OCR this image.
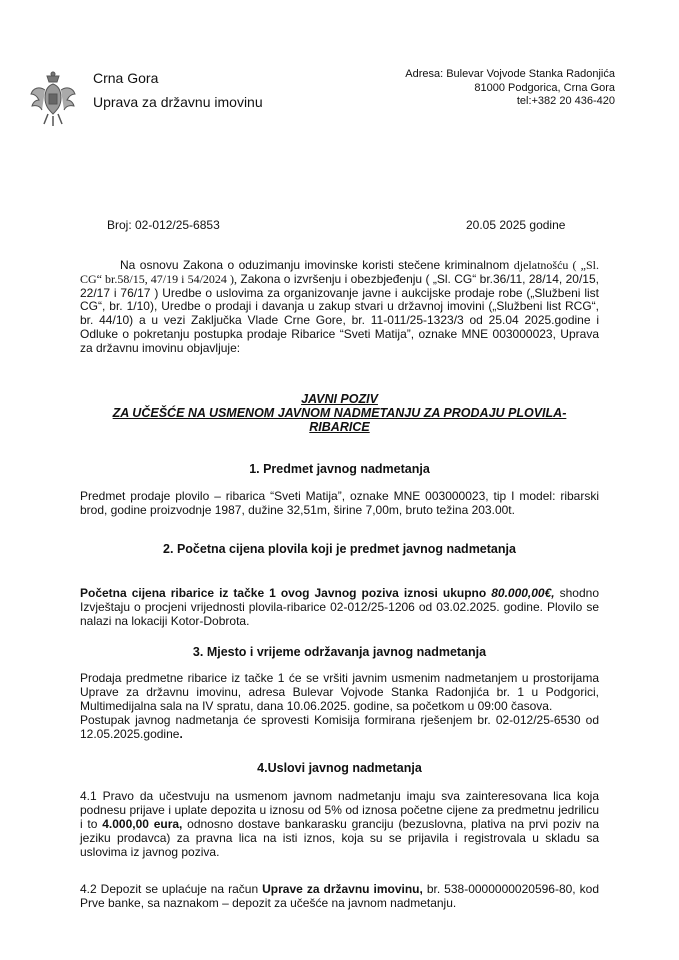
Crna Gora
Uprava za državnu imovinu
Adresa: Bulevar Vojvode Stanka Radonjića
81000 Podgorica, Crna Gora
tel:+382 20 436-420
Broj: 02-012/25-6853	20.05 2025 godine
Na osnovu Zakona o oduzimanju imovinske koristi stečene kriminalnom djelatnošću ( „Sl. CG“ br.58/15, 47/19 i 54/2024 ), Zakona o izvršenju i obezbjeđenju ( „Sl. CG“ br.36/11, 28/14, 20/15, 22/17 i 76/17 ) Uredbe o uslovima za organizovanje javne i aukcijske prodaje robe („Službeni list CG“, br. 1/10), Uredbe o prodaji i davanja u zakup stvari u državnoj imovini („Službeni list RCG“, br. 44/10) a u vezi Zaključka Vlade Crne Gore, br. 11-011/25-1323/3 od 25.04 2025.godine i Odluke o pokretanju postupka prodaje Ribarice “Sveti Matija”, oznake MNE 003000023, Uprava za državnu imovinu objavljuje:
JAVNI POZIV
ZA UČEŠĆE NA USMENOM JAVNOM NADMETANJU ZA PRODAJU PLOVILA-
RIBARICE
1. Predmet javnog nadmetanja
Predmet prodaje plovilo – ribarica “Sveti Matija”, oznake MNE 003000023, tip I model: ribarski brod, godine proizvodnje 1987, dužine 32,51m, širine 7,00m, bruto težina 203.00t.
2. Početna cijena plovila koji je predmet javnog nadmetanja
Početna cijena ribarice iz tačke 1 ovog Javnog poziva iznosi ukupno 80.000,00€, shodno Izvještaju o procjeni vrijednosti plovila-ribarice 02-012/25-1206 od 03.02.2025. godine. Plovilo se nalazi na lokaciji Kotor-Dobrota.
3. Mjesto i vrijeme održavanja javnog nadmetanja
Prodaja predmetne ribarice iz tačke 1 će se vršiti javnim usmenim nadmetanjem u prostorijama Uprave za državnu imovinu, adresa Bulevar Vojvode Stanka Radonjića br. 1 u Podgorici, Multimedijalna sala na IV spratu, dana 10.06.2025. godine, sa početkom u 09:00 časova.
Postupak javnog nadmetanja će sprovesti Komisija formirana rješenjem br. 02-012/25-6530 od 12.05.2025.godine.
4.Uslovi javnog nadmetanja
4.1 Pravo da učestvuju na usmenom javnom nadmetanju imaju sva zainteresovana lica koja podnesu prijave i uplate depozita u iznosu od 5% od iznosa početne cijene za predmetnu jedrilicu i to 4.000,00 eura, odnosno dostave bankarasku granciju (bezuslovna, plativa na prvi poziv na jeziku prodavca) za pravna lica na isti iznos, koja su se prijavila i registrovala u skladu sa uslovima iz javnog poziva.
4.2 Depozit se uplaćuje na račun Uprave za državnu imovinu, br. 538-0000000020596-80, kod Prve banke, sa naznakom – depozit za učešće na javnom nadmetanju.
